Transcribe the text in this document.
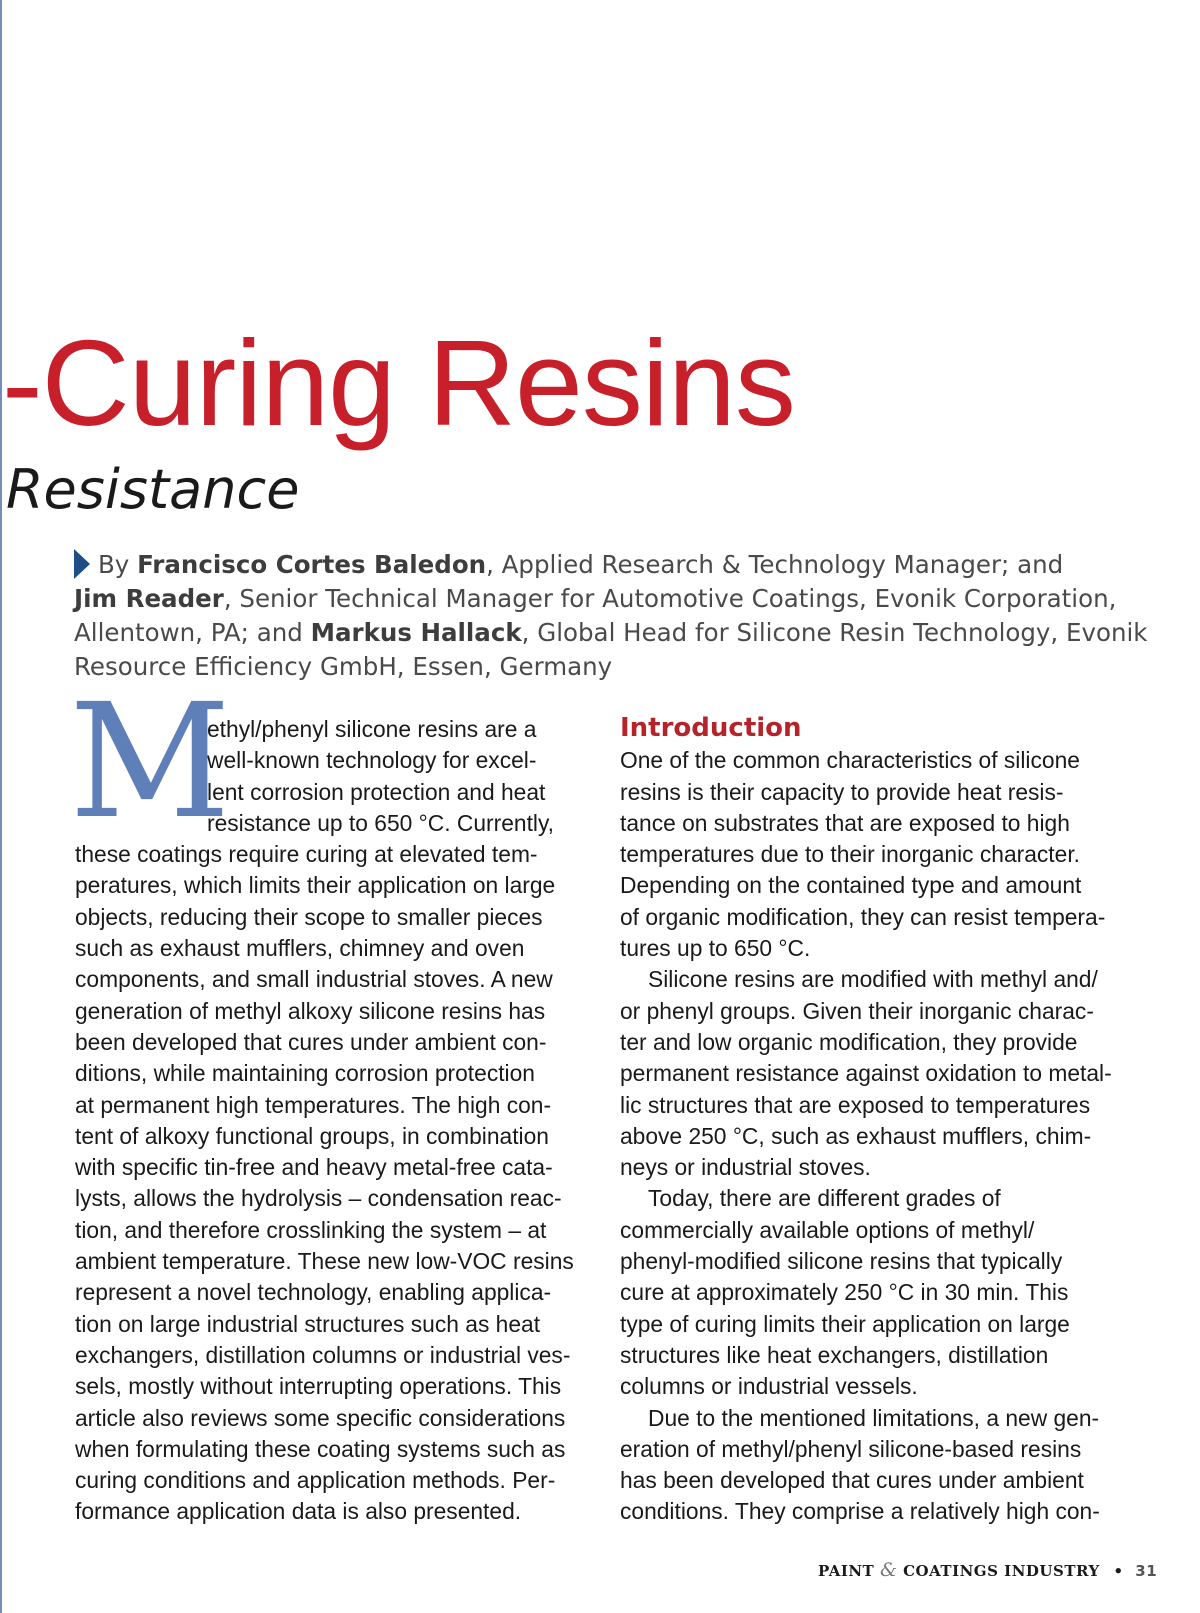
-Curing Resins
Resistance
By Francisco Cortes Baledon, Applied Research & Technology Manager; and
Jim Reader, Senior Technical Manager for Automotive Coatings, Evonik Corporation,
Allentown, PA; and Markus Hallack, Global Head for Silicone Resin Technology, Evonik
Resource Efficiency GmbH, Essen, Germany
M
ethyl/phenyl silicone resins are a
well-known technology for excel-
lent corrosion protection and heat
resistance up to 650 °C. Currently,
these coatings require curing at elevated tem-
peratures, which limits their application on large
objects, reducing their scope to smaller pieces
such as exhaust mufflers, chimney and oven
components, and small industrial stoves. A new
generation of methyl alkoxy silicone resins has
been developed that cures under ambient con-
ditions, while maintaining corrosion protection
at permanent high temperatures. The high con-
tent of alkoxy functional groups, in combination
with specific tin-free and heavy metal-free cata-
lysts, allows the hydrolysis – condensation reac-
tion, and therefore crosslinking the system – at
ambient temperature. These new low-VOC resins
represent a novel technology, enabling applica-
tion on large industrial structures such as heat
exchangers, distillation columns or industrial ves-
sels, mostly without interrupting operations. This
article also reviews some specific considerations
when formulating these coating systems such as
curing conditions and application methods. Per-
formance application data is also presented.
Introduction
One of the common characteristics of silicone
resins is their capacity to provide heat resis-
tance on substrates that are exposed to high
temperatures due to their inorganic character.
Depending on the contained type and amount
of organic modification, they can resist tempera-
tures up to 650 °C.
Silicone resins are modified with methyl and/
or phenyl groups. Given their inorganic charac-
ter and low organic modification, they provide
permanent resistance against oxidation to metal-
lic structures that are exposed to temperatures
above 250 °C, such as exhaust mufflers, chim-
neys or industrial stoves.
Today, there are different grades of
commercially available options of methyl/
phenyl-modified silicone resins that typically
cure at approximately 250 °C in 30 min. This
type of curing limits their application on large
structures like heat exchangers, distillation
columns or industrial vessels.
Due to the mentioned limitations, a new gen-
eration of methyl/phenyl silicone-based resins
has been developed that cures under ambient
conditions. They comprise a relatively high con-
PAINT & COATINGS INDUSTRY • 31
